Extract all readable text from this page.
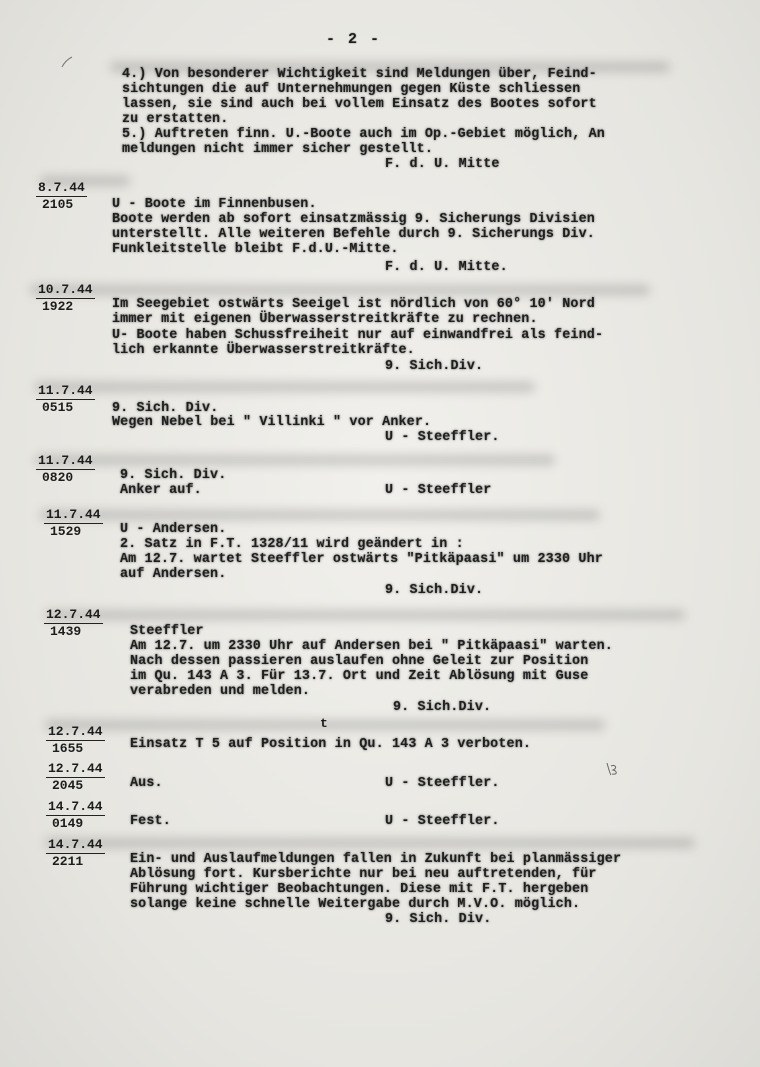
- 2 -
4.) Von besonderer Wichtigkeit sind Meldungen über, Feind-
sichtungen die auf Unternehmungen gegen Küste schliessen
lassen, sie sind auch bei vollem Einsatz des Bootes sofort
zu erstatten.
5.) Auftreten finn. U.-Boote auch im Op.-Gebiet möglich, An
meldungen nicht immer sicher gestellt.
F. d. U. Mitte
8.7.44
2105	U - Boote im Finnenbusen.
Boote werden ab sofort einsatzmässig 9. Sicherungs Divisien
unterstellt. Alle weiteren Befehle durch 9. Sicherungs Div.
Funkleitstelle bleibt F.d.U.-Mitte.
F. d. U. Mitte.
10.7.44
1922	Im Seegebiet ostwärts Seeigel ist nördlich von 60° 10' Nord
immer mit eigenen Überwasserstreitkräfte zu rechnen.
U- Boote haben Schussfreiheit nur auf einwandfrei als feind-
lich erkannte Überwasserstreitkräfte.
9. Sich.Div.
11.7.44
0515	9. Sich. Div.
Wegen Nebel bei " Villinki " vor Anker.
U - Steeffler.
11.7.44
0820	9. Sich. Div.
Anker auf.	U - Steeffler
11.7.44
1529	U - Andersen.
2. Satz in F.T. 1328/11 wird geändert in :
Am 12.7. wartet Steeffler ostwärts "Pitkäpaasi" um 2330 Uhr
auf Andersen.
9. Sich.Div.
12.7.44
1439	Steeffler
Am 12.7. um 2330 Uhr auf Andersen bei " Pitkäpaasi" warten.
Nach dessen passieren auslaufen ohne Geleit zur Position
im Qu. 143 A 3. Für 13.7. Ort und Zeit Ablösung mit Guse
verabreden und melden.
9. Sich.Div.
t
12.7.44
1655	Einsatz T 5 auf Position in Qu. 143 A 3 verboten.
12.7.44
2045	Aus.	U - Steeffler.
14.7.44
0149	Fest.	U - Steeffler.
14.7.44
2211	Ein- und Auslaufmeldungen fallen in Zukunft bei planmässiger
Ablösung fort. Kursberichte nur bei neu auftretenden, für
Führung wichtiger Beobachtungen. Diese mit F.T. hergeben
solange keine schnelle Weitergabe durch M.V.O. möglich.
9. Sich. Div.
